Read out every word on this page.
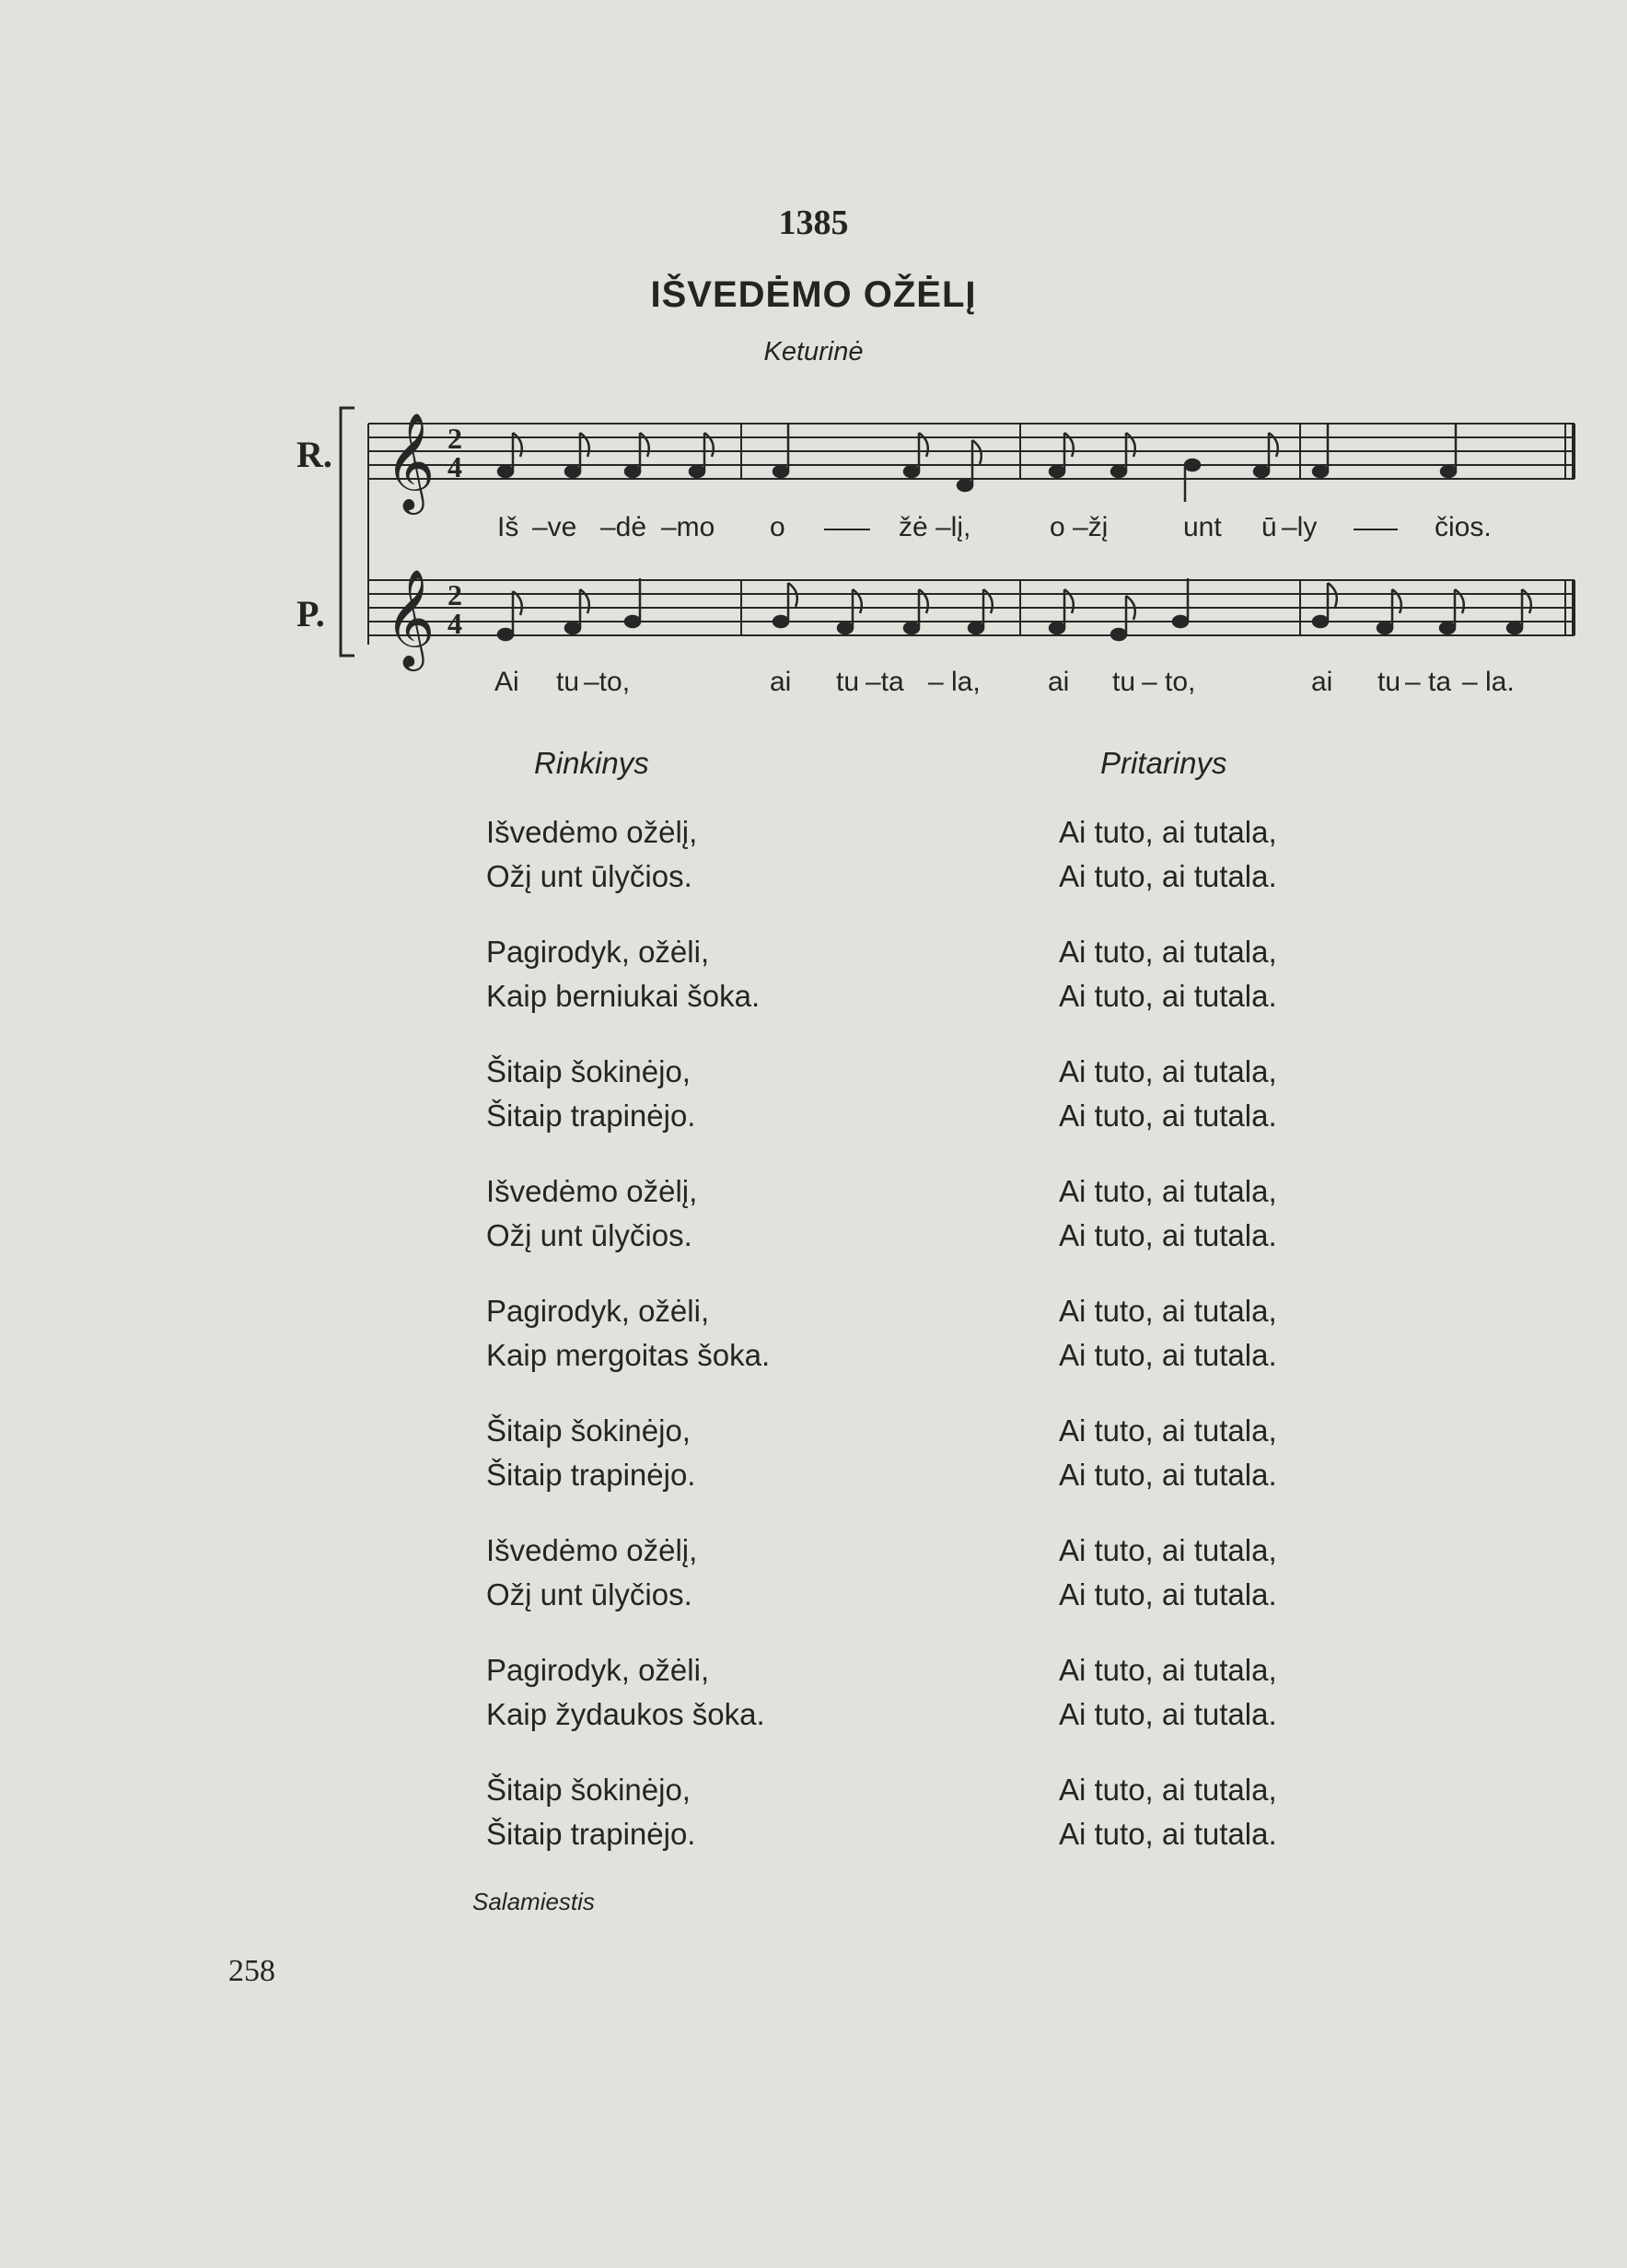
1385
IŠVEDĖMO OŽĖLĮ
Keturinė
R.
P.
𝄞
𝄞
2
4
2
4
Iš –ve –dė –mo o	žė –lį,	o –žį	unt ū –ly	čios.
Ai tu –to,	ai tu –ta – la, ai tu – to,	ai tu – ta – la.
Rinkinys	Pritarinys
Išvedėmo ožėlį,
Ožį unt ūlyčios.
Ai tuto, ai tutala,
Ai tuto, ai tutala.
Pagirodyk, ožėli,
Kaip berniukai šoka.
Ai tuto, ai tutala,
Ai tuto, ai tutala.
Šitaip šokinėjo,
Šitaip trapinėjo.
Ai tuto, ai tutala,
Ai tuto, ai tutala.
Išvedėmo ožėlį,
Ožį unt ūlyčios.
Ai tuto, ai tutala,
Ai tuto, ai tutala.
Pagirodyk, ožėli,
Kaip mergoitas šoka.
Ai tuto, ai tutala,
Ai tuto, ai tutala.
Šitaip šokinėjo,
Šitaip trapinėjo.
Ai tuto, ai tutala,
Ai tuto, ai tutala.
Išvedėmo ožėlį,
Ožį unt ūlyčios.
Ai tuto, ai tutala,
Ai tuto, ai tutala.
Pagirodyk, ožėli,
Kaip žydaukos šoka.
Ai tuto, ai tutala,
Ai tuto, ai tutala.
Šitaip šokinėjo,
Šitaip trapinėjo.
Ai tuto, ai tutala,
Ai tuto, ai tutala.
Salamiestis
258
